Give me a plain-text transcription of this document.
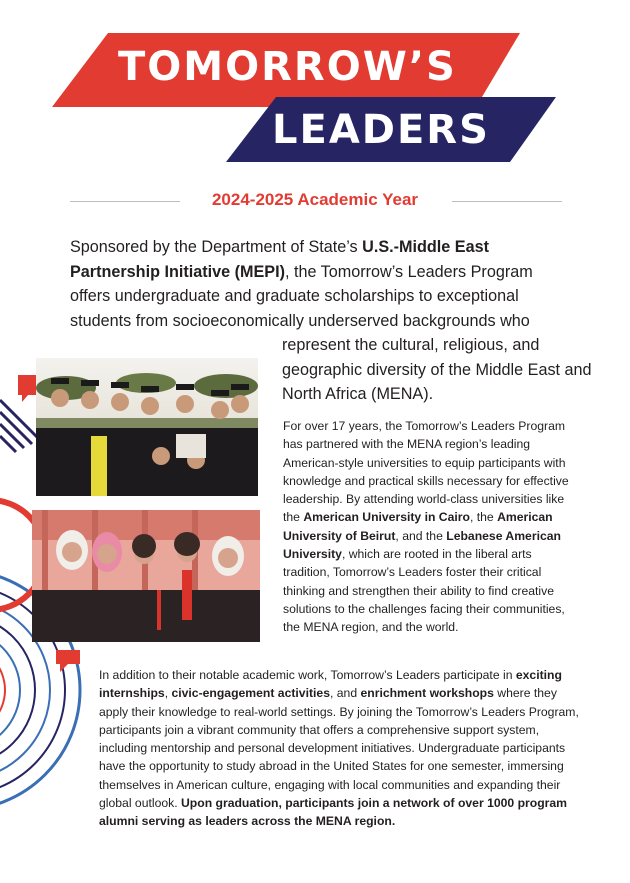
TOMORROW’S
LEADERS
2024-2025 Academic Year
Sponsored by the Department of State’s U.S.-Middle East Partnership Initiative (MEPI), the Tomorrow’s Leaders Program offers undergraduate and graduate scholarships to exceptional students from socioeconomically underserved backgrounds who
represent the cultural, religious, and geographic diversity of the Middle East and North Africa (MENA).
For over 17 years, the Tomorrow’s Leaders Program has partnered with the MENA region’s leading American-style universities to equip participants with knowledge and practical skills necessary for effective leadership. By attending world-class universities like the American University in Cairo, the American University of Beirut, and the Lebanese American University, which are rooted in the liberal arts tradition, Tomorrow’s Leaders foster their critical thinking and strengthen their ability to find creative solutions to the challenges facing their communities, the MENA region, and the world.
In addition to their notable academic work, Tomorrow’s Leaders participate in exciting internships, civic-engagement activities, and enrichment workshops where they apply their knowledge to real-world settings. By joining the Tomorrow’s Leaders Program, participants join a vibrant community that offers a comprehensive support system, including mentorship and personal development initiatives. Undergraduate participants have the opportunity to study abroad in the United States for one semester, immersing themselves in American culture, engaging with local communities and expanding their global outlook. Upon graduation, participants join a network of over 1000 program alumni serving as leaders across the MENA region.
